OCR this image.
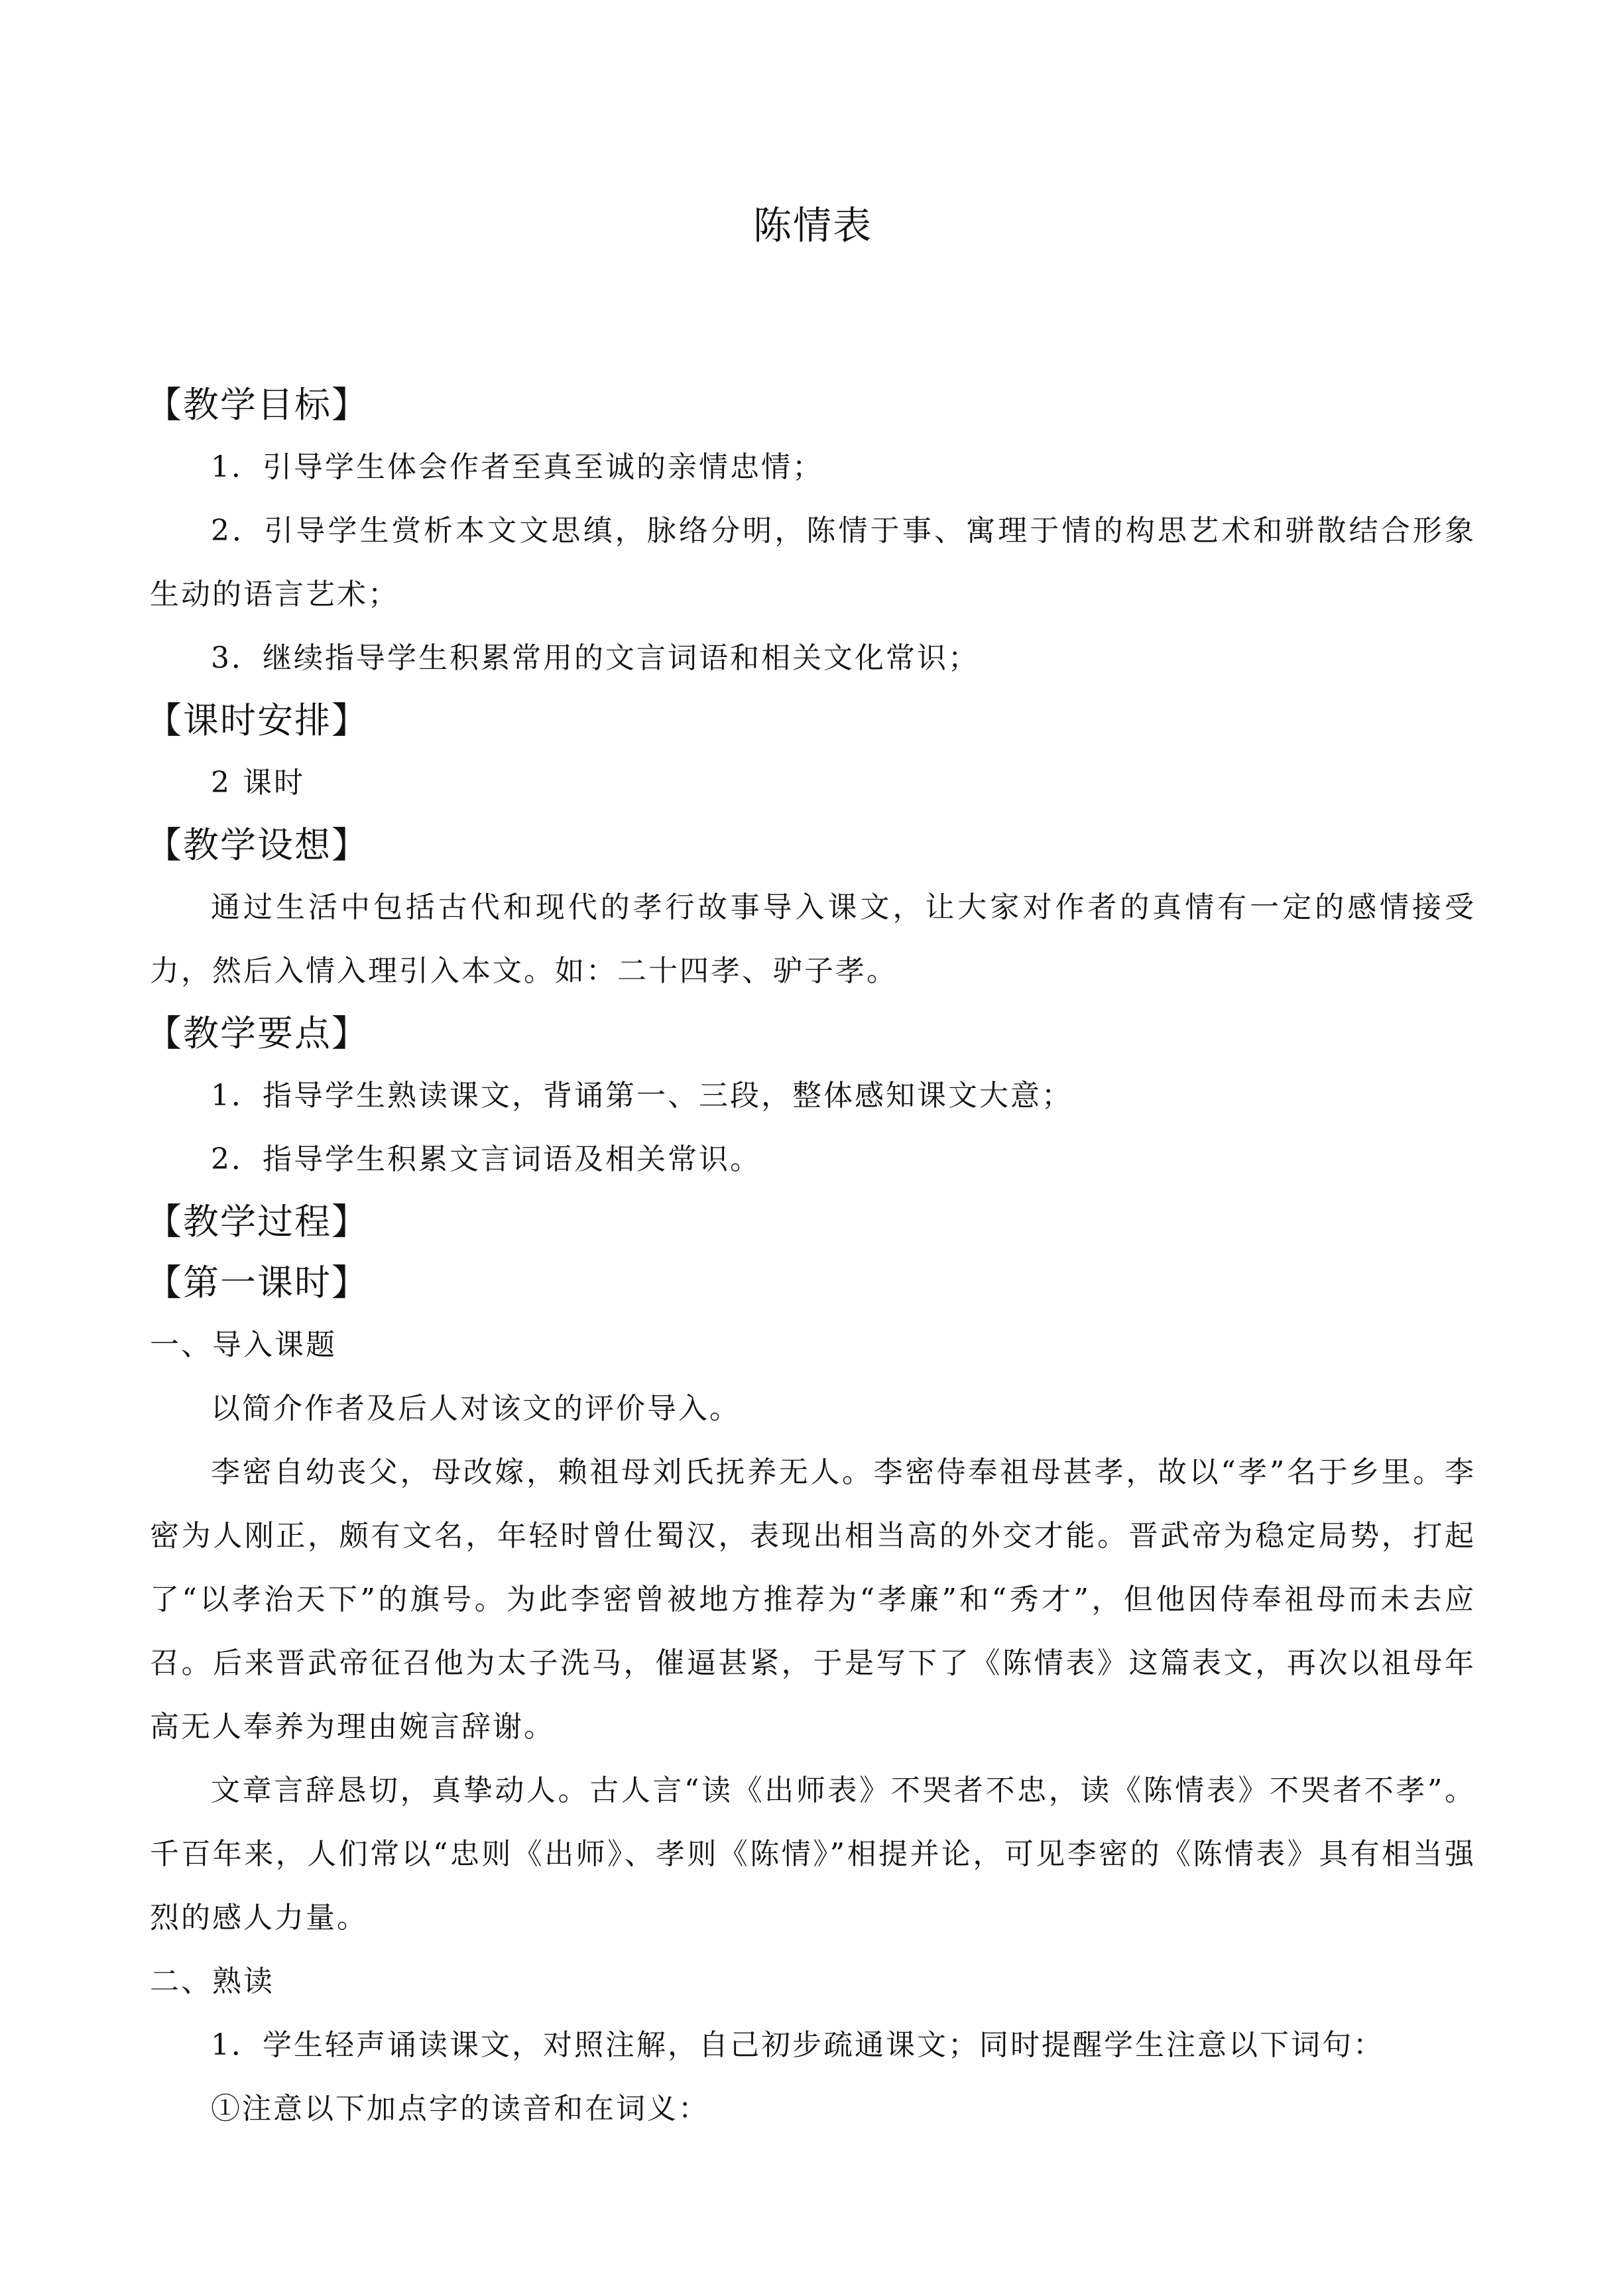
陈情表
【教学目标】
1．引导学生体会作者至真至诚的亲情忠情；
2．引导学生赏析本文文思缜，脉络分明，陈情于事、寓理于情的构思艺术和骈散结合形象生动的语言艺术；
3．继续指导学生积累常用的文言词语和相关文化常识；
【课时安排】
2 课时
【教学设想】
通过生活中包括古代和现代的孝行故事导入课文，让大家对作者的真情有一定的感情接受力，然后入情入理引入本文。如：二十四孝、驴子孝。
【教学要点】
1．指导学生熟读课文，背诵第一、三段，整体感知课文大意；
2．指导学生积累文言词语及相关常识。
【教学过程】
【第一课时】
一、导入课题
以简介作者及后人对该文的评价导入。
李密自幼丧父，母改嫁，赖祖母刘氏抚养无人。李密侍奉祖母甚孝，故以“孝”名于乡里。李密为人刚正，颇有文名，年轻时曾仕蜀汉，表现出相当高的外交才能。晋武帝为稳定局势，打起了“以孝治天下”的旗号。为此李密曾被地方推荐为“孝廉”和“秀才”，但他因侍奉祖母而未去应召。后来晋武帝征召他为太子洗马，催逼甚紧，于是写下了《陈情表》这篇表文，再次以祖母年高无人奉养为理由婉言辞谢。
文章言辞恳切，真挚动人。古人言“读《出师表》不哭者不忠，读《陈情表》不哭者不孝”。千百年来，人们常以“忠则《出师》、孝则《陈情》”相提并论，可见李密的《陈情表》具有相当强烈的感人力量。
二、熟读
1．学生轻声诵读课文，对照注解，自己初步疏通课文；同时提醒学生注意以下词句：
①注意以下加点字的读音和在词义：
